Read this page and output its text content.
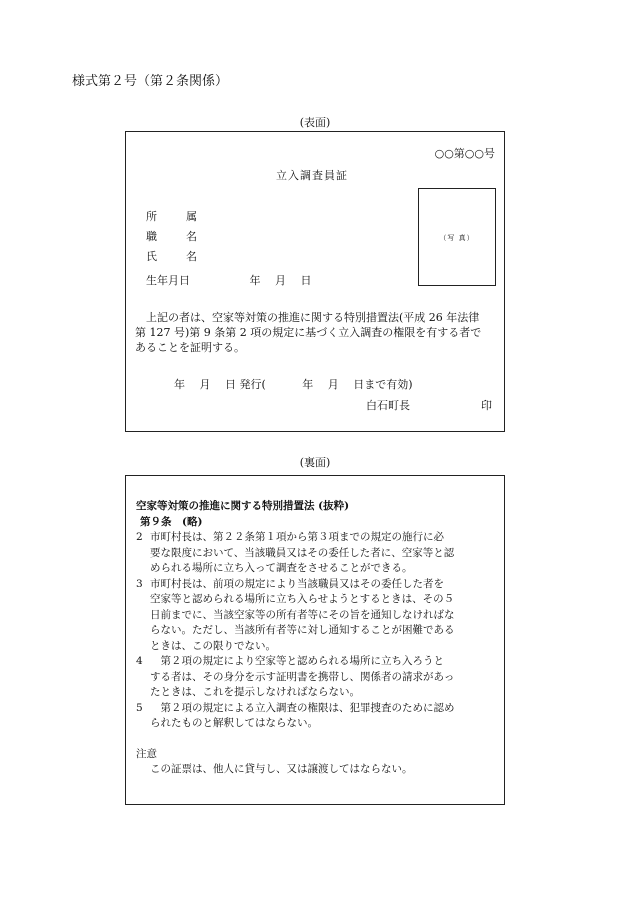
様式第２号（第２条関係）
(表面)
○○第○○号
立入調査員証
（写 真）
所	属
職	名
氏	名
生年月日	年　 月　 日
上記の者は、空家等対策の推進に関する特別措置法(平成 26 年法律
第 127 号)第 9 条第 2 項の規定に基づく立入調査の権限を有する者で
あることを証明する。
年　 月　 日 発行(　　　 年　 月　 日まで有効)
白石町長	印
(裏面)
空家等対策の推進に関する特別措置法 (抜粋)
第９条　(略)
2 市町村長は、第２２条第１項から第３項までの規定の施行に必
要な限度において、当該職員又はその委任した者に、空家等と認
められる場所に立ち入って調査をさせることができる。
3 市町村長は、前項の規定により当該職員又はその委任した者を
空家等と認められる場所に立ち入らせようとするときは、その５
日前までに、当該空家等の所有者等にその旨を通知しなければな
らない。ただし、当該所有者等に対し通知することが困難である
ときは、この限りでない。
4 　第２項の規定により空家等と認められる場所に立ち入ろうと
する者は、その身分を示す証明書を携帯し、関係者の請求があっ
たときは、これを提示しなければならない。
5 　第２項の規定による立入調査の権限は、犯罪捜査のために認め
られたものと解釈してはならない。
注意
この証票は、他人に貸与し、又は譲渡してはならない。
